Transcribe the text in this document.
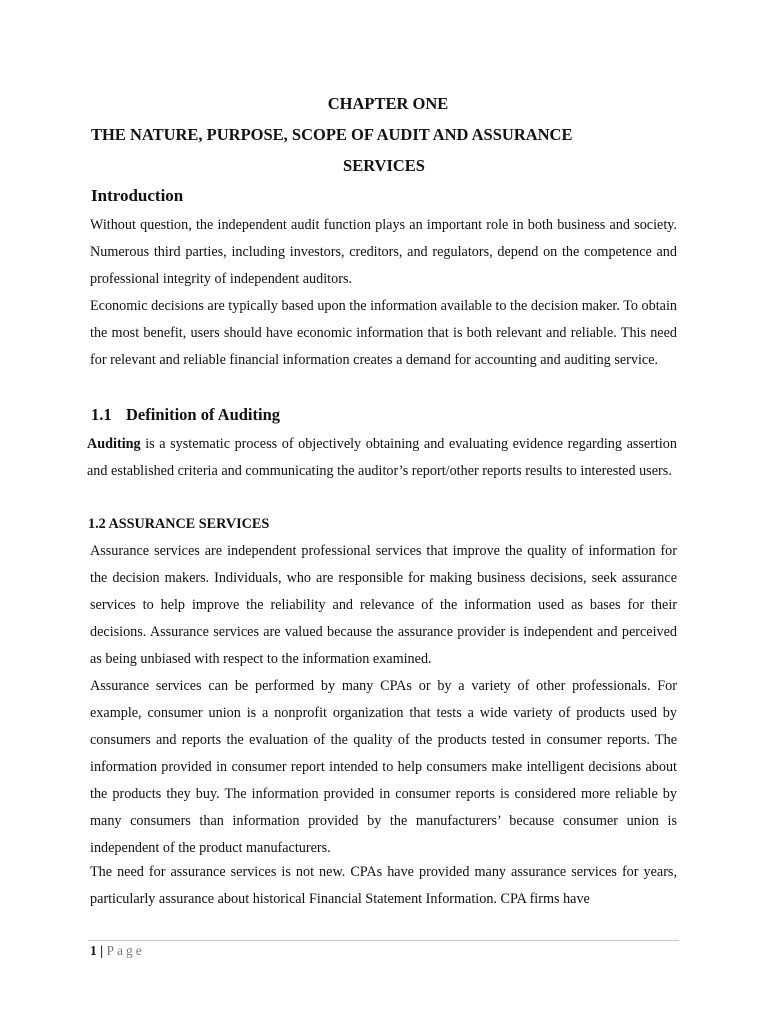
CHAPTER ONE
THE NATURE, PURPOSE, SCOPE OF AUDIT AND ASSURANCE
SERVICES
Introduction

Without question, the independent audit function plays an important role in both business and society. Numerous third parties, including investors, creditors, and regulators, depend on the competence and professional integrity of independent auditors.

Economic decisions are typically based upon the information available to the decision maker. To obtain the most benefit, users should have economic information that is both relevant and reliable. This need for relevant and reliable financial information creates a demand for accounting and auditing service.

1.1 Definition of Auditing

Auditing is a systematic process of objectively obtaining and evaluating evidence regarding assertion and established criteria and communicating the auditor’s report/other reports results to interested users.

1.2 ASSURANCE SERVICES

Assurance services are independent professional services that improve the quality of information for the decision makers. Individuals, who are responsible for making business decisions, seek assurance services to help improve the reliability and relevance of the information used as bases for their decisions. Assurance services are valued because the assurance provider is independent and perceived as being unbiased with respect to the information examined.

Assurance services can be performed by many CPAs or by a variety of other professionals. For example, consumer union is a nonprofit organization that tests a wide variety of products used by consumers and reports the evaluation of the quality of the products tested in consumer reports. The information provided in consumer report intended to help consumers make intelligent decisions about the products they buy. The information provided in consumer reports is considered more reliable by many consumers than information provided by the manufacturers’ because consumer union is independent of the product manufacturers.

The need for assurance services is not new. CPAs have provided many assurance services for years, particularly assurance about historical Financial Statement Information. CPA firms have

1 | Page
